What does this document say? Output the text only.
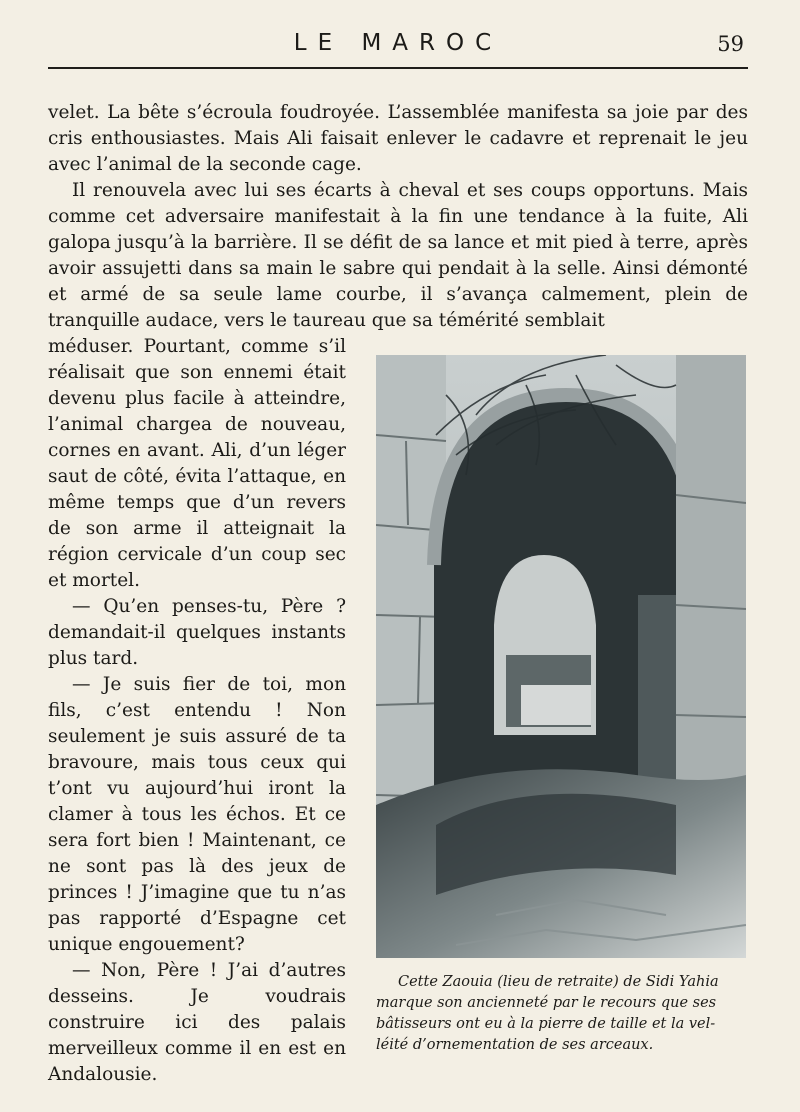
LE MAROC	59

velet. La bête s’écroula foudroyée. L’assemblée manifesta sa joie par des cris enthousiastes. Mais Ali faisait enlever le cadavre et reprenait le jeu avec l’animal de la seconde cage.

Il renouvela avec lui ses écarts à cheval et ses coups opportuns. Mais comme cet adversaire manifestait à la fin une tendance à la fuite, Ali galopa jusqu’à la barrière. Il se défit de sa lance et mit pied à terre, après avoir assujetti dans sa main le sabre qui pendait à la selle. Ainsi démonté et armé de sa seule lame courbe, il s’avança calmement, plein de tranquille audace, vers le taureau que sa témérité semblait

méduser. Pourtant, comme s’il réalisait que son ennemi était devenu plus facile à atteindre, l’animal chargea de nouveau, cornes en avant. Ali, d’un léger saut de côté, évita l’attaque, en même temps que d’un revers de son arme il atteignait la région cervicale d’un coup sec et mortel.

— Qu’en penses-tu, Père ? demandait-il quelques instants plus tard.

— Je suis fier de toi, mon fils, c’est entendu ! Non seulement je suis assuré de ta bravoure, mais tous ceux qui t’ont vu aujourd’hui iront la clamer à tous les échos. Et ce sera fort bien ! Maintenant, ce ne sont pas là des jeux de princes ! J’imagine que tu n’as pas rapporté d’Espagne cet unique engouement?

— Non, Père ! J’ai d’autres desseins. Je voudrais construire ici des palais merveilleux comme il en est en Andalousie.

Cette Zaouia (lieu de retraite) de Sidi Yahia
marque son ancienneté par le recours que ses
bâtisseurs ont eu à la pierre de taille et la vel-
léité d’ornementation de ses arceaux.
